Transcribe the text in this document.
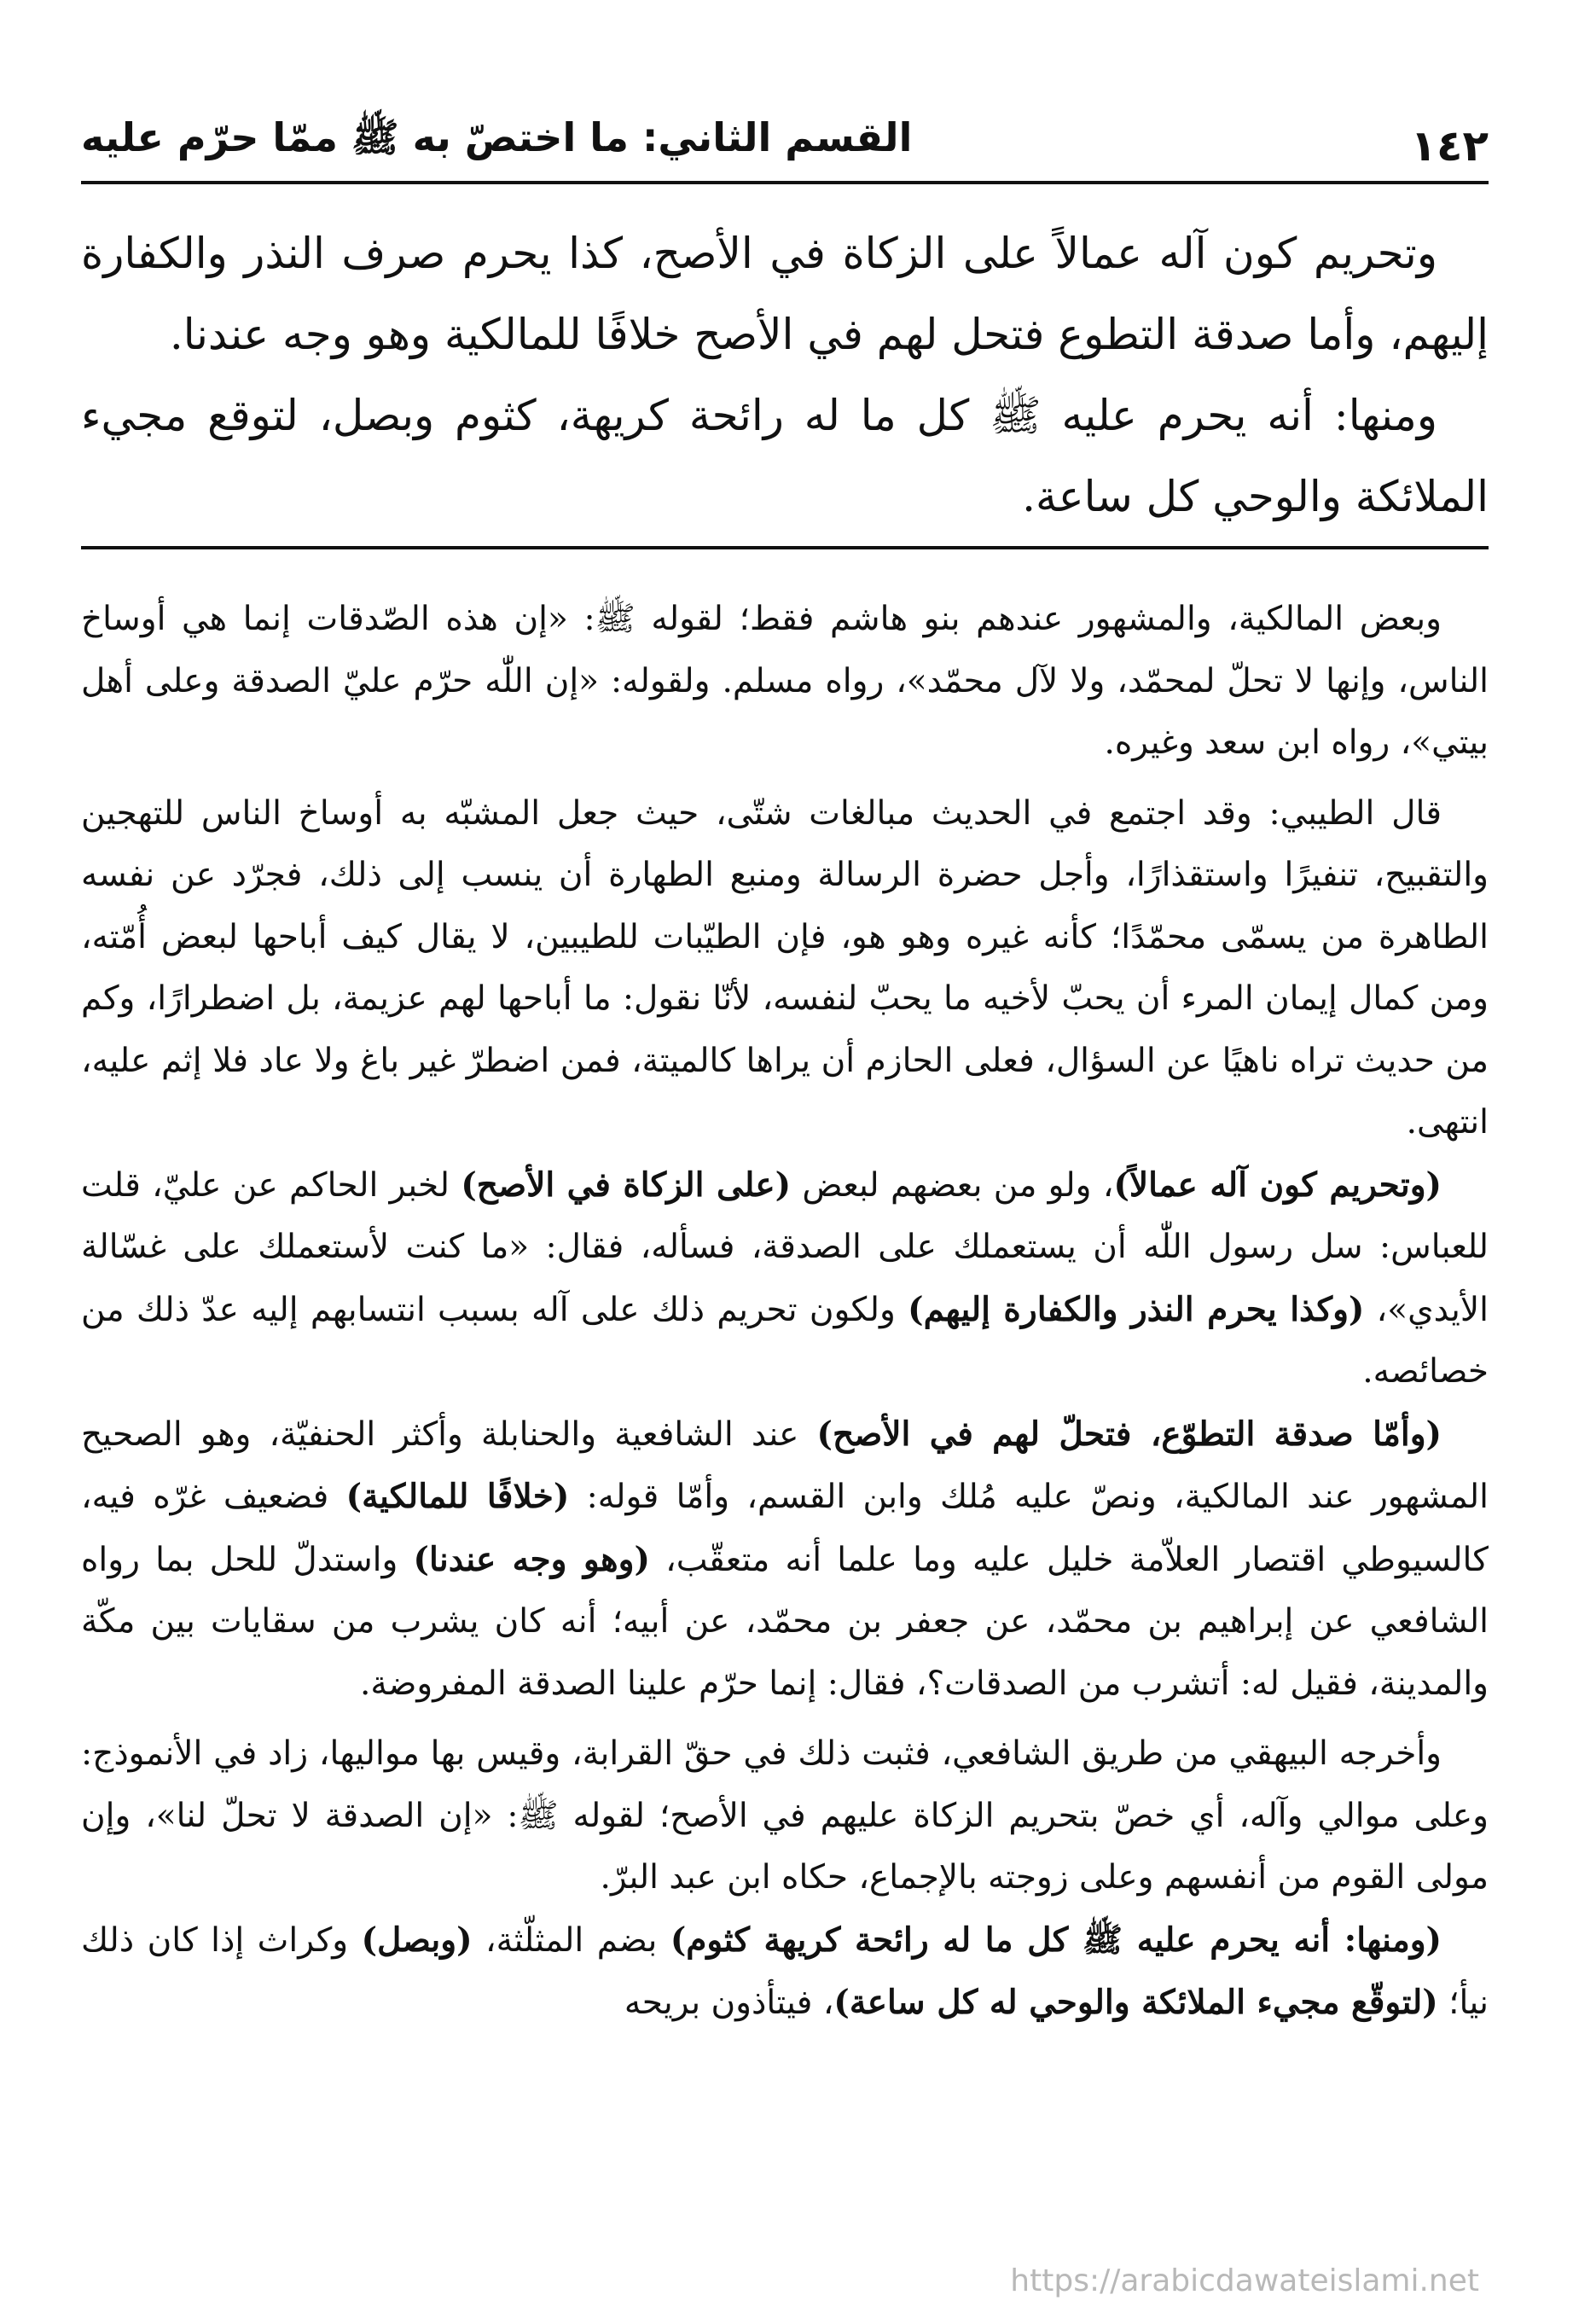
القسم الثاني: ما اختصّ به ﷺ ممّا حرّم عليه	١٤٢

وتحريم كون آله عمالاً على الزكاة في الأصح، كذا يحرم صرف النذر والكفارة إليهم، وأما صدقة التطوع فتحل لهم في الأصح خلافًا للمالكية وهو وجه عندنا.

ومنها: أنه يحرم عليه ﷺ كل ما له رائحة كريهة، كثوم وبصل، لتوقع مجيء الملائكة والوحي كل ساعة.

وبعض المالكية، والمشهور عندهم بنو هاشم فقط؛ لقوله ﷺ: «إن هذه الصّدقات إنما هي أوساخ الناس، وإنها لا تحلّ لمحمّد، ولا لآل محمّد»، رواه مسلم. ولقوله: «إن اللّٰه حرّم عليّ الصدقة وعلى أهل بيتي»، رواه ابن سعد وغيره.

قال الطيبي: وقد اجتمع في الحديث مبالغات شتّى، حيث جعل المشبّه به أوساخ الناس للتهجين والتقبيح، تنفيرًا واستقذارًا، وأجل حضرة الرسالة ومنبع الطهارة أن ينسب إلى ذلك، فجرّد عن نفسه الطاهرة من يسمّى محمّدًا؛ كأنه غيره وهو هو، فإن الطيّبات للطيبين، لا يقال كيف أباحها لبعض أُمّته، ومن كمال إيمان المرء أن يحبّ لأخيه ما يحبّ لنفسه، لأنّا نقول: ما أباحها لهم عزيمة، بل اضطرارًا، وكم من حديث تراه ناهيًا عن السؤال، فعلى الحازم أن يراها كالميتة، فمن اضطرّ غير باغ ولا عاد فلا إثم عليه، انتهى.

(وتحريم كون آله عمالاً)، ولو من بعضهم لبعض (على الزكاة في الأصح) لخبر الحاكم عن عليّ، قلت للعباس: سل رسول اللّٰه أن يستعملك على الصدقة، فسأله، فقال: «ما كنت لأستعملك على غسّالة الأيدي»، (وكذا يحرم النذر والكفارة إليهم) ولكون تحريم ذلك على آله بسبب انتسابهم إليه عدّ ذلك من خصائصه.

(وأمّا صدقة التطوّع، فتحلّ لهم في الأصح) عند الشافعية والحنابلة وأكثر الحنفيّة، وهو الصحيح المشهور عند المالكية، ونصّ عليه مُلك وابن القسم، وأمّا قوله: (خلافًا للمالكية) فضعيف غرّه فيه، كالسيوطي اقتصار العلاّمة خليل عليه وما علما أنه متعقّب، (وهو وجه عندنا) واستدلّ للحل بما رواه الشافعي عن إبراهيم بن محمّد، عن جعفر بن محمّد، عن أبيه؛ أنه كان يشرب من سقايات بين مكّة والمدينة، فقيل له: أتشرب من الصدقات؟، فقال: إنما حرّم علينا الصدقة المفروضة.

وأخرجه البيهقي من طريق الشافعي، فثبت ذلك في حقّ القرابة، وقيس بها مواليها، زاد في الأنموذج: وعلى موالي وآله، أي خصّ بتحريم الزكاة عليهم في الأصح؛ لقوله ﷺ: «إن الصدقة لا تحلّ لنا»، وإن مولى القوم من أنفسهم وعلى زوجته بالإجماع، حكاه ابن عبد البرّ.

(ومنها: أنه يحرم عليه ﷺ كل ما له رائحة كريهة كثوم) بضم المثلّثة، (وبصل) وكراث إذا كان ذلك نيأ؛ (لتوقّع مجيء الملائكة والوحي له كل ساعة)، فيتأذون بريحه

https://arabicdawateislami.net
